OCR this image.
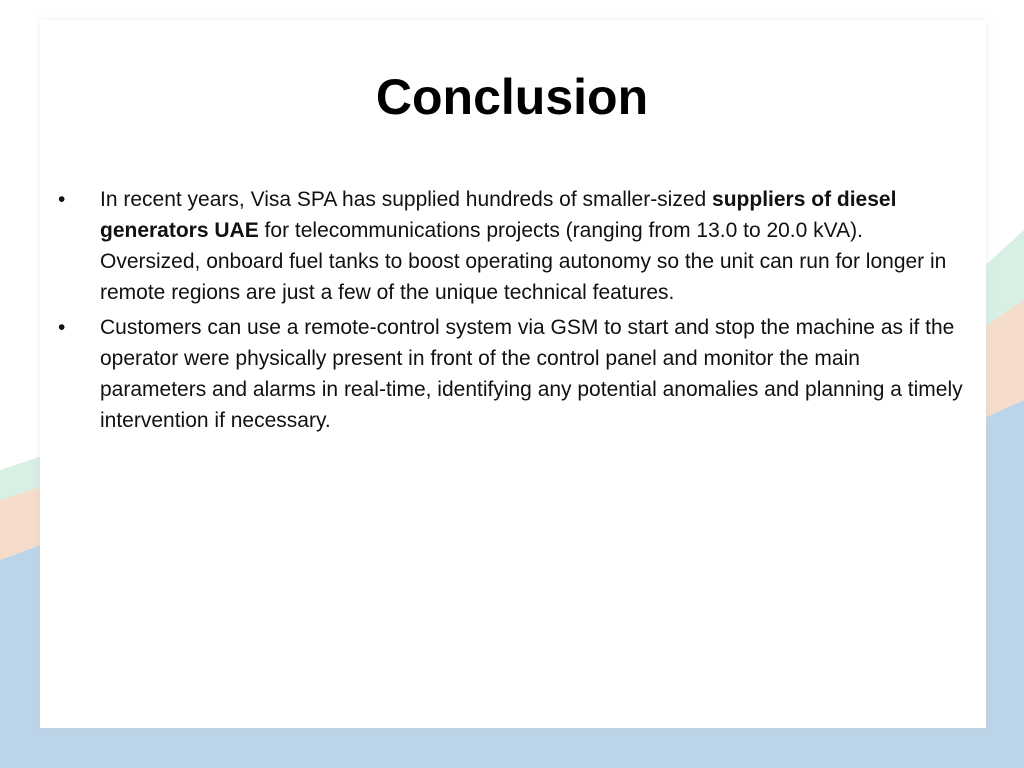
Conclusion
• In recent years, Visa SPA has supplied hundreds of smaller-sized suppliers of diesel generators UAE for telecommunications projects (ranging from 13.0 to 20.0 kVA). Oversized, onboard fuel tanks to boost operating autonomy so the unit can run for longer in remote regions are just a few of the unique technical features.
• Customers can use a remote-control system via GSM to start and stop the machine as if the operator were physically present in front of the control panel and monitor the main parameters and alarms in real-time, identifying any potential anomalies and planning a timely intervention if necessary.
